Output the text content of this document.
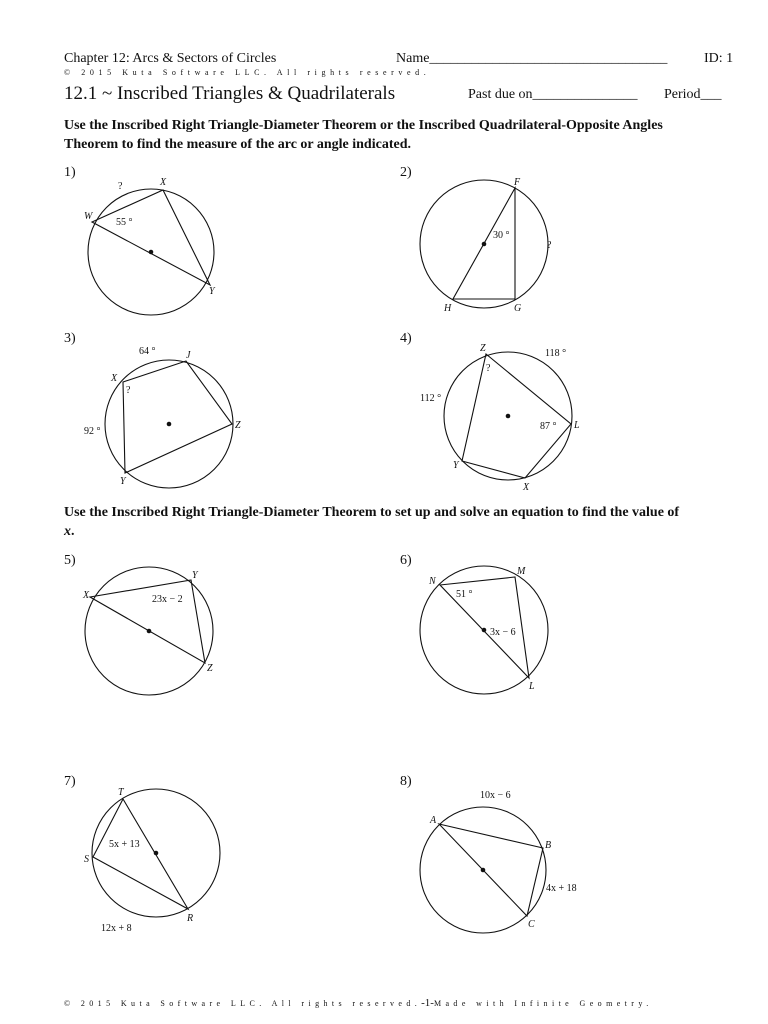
Chapter 12: Arcs & Sectors of Circles	Name__________________________________	ID: 1
© 2015 Kuta Software LLC. All rights reserved.
12.1 ~ Inscribed Triangles & Quadrilaterals	Past due on_______________ Period___
Use the Inscribed Right Triangle-Diameter Theorem or the Inscribed Quadrilateral-Opposite Angles Theorem to find the measure of the arc or angle indicated.
1)	2)
3)	4)
W
X
Y
?
55 °
F
H	G
30 °
?
X
J
Z
Y
64 °
92 °
?
Z
L
X
Y
118 °
112 °
87 °
?
Use the Inscribed Right Triangle-Diameter Theorem to set up and solve an equation to find the value of x.
5)	6)
7)	8)
X
Y
Z
23x − 2
N
M
L
51 °
3x − 6
T
S
R
5x + 13
12x + 8
A
B
C
10x − 6
4x + 18
© 2015 Kuta Software LLC. All rights reserved.-1-Made with Infinite Geometry.
